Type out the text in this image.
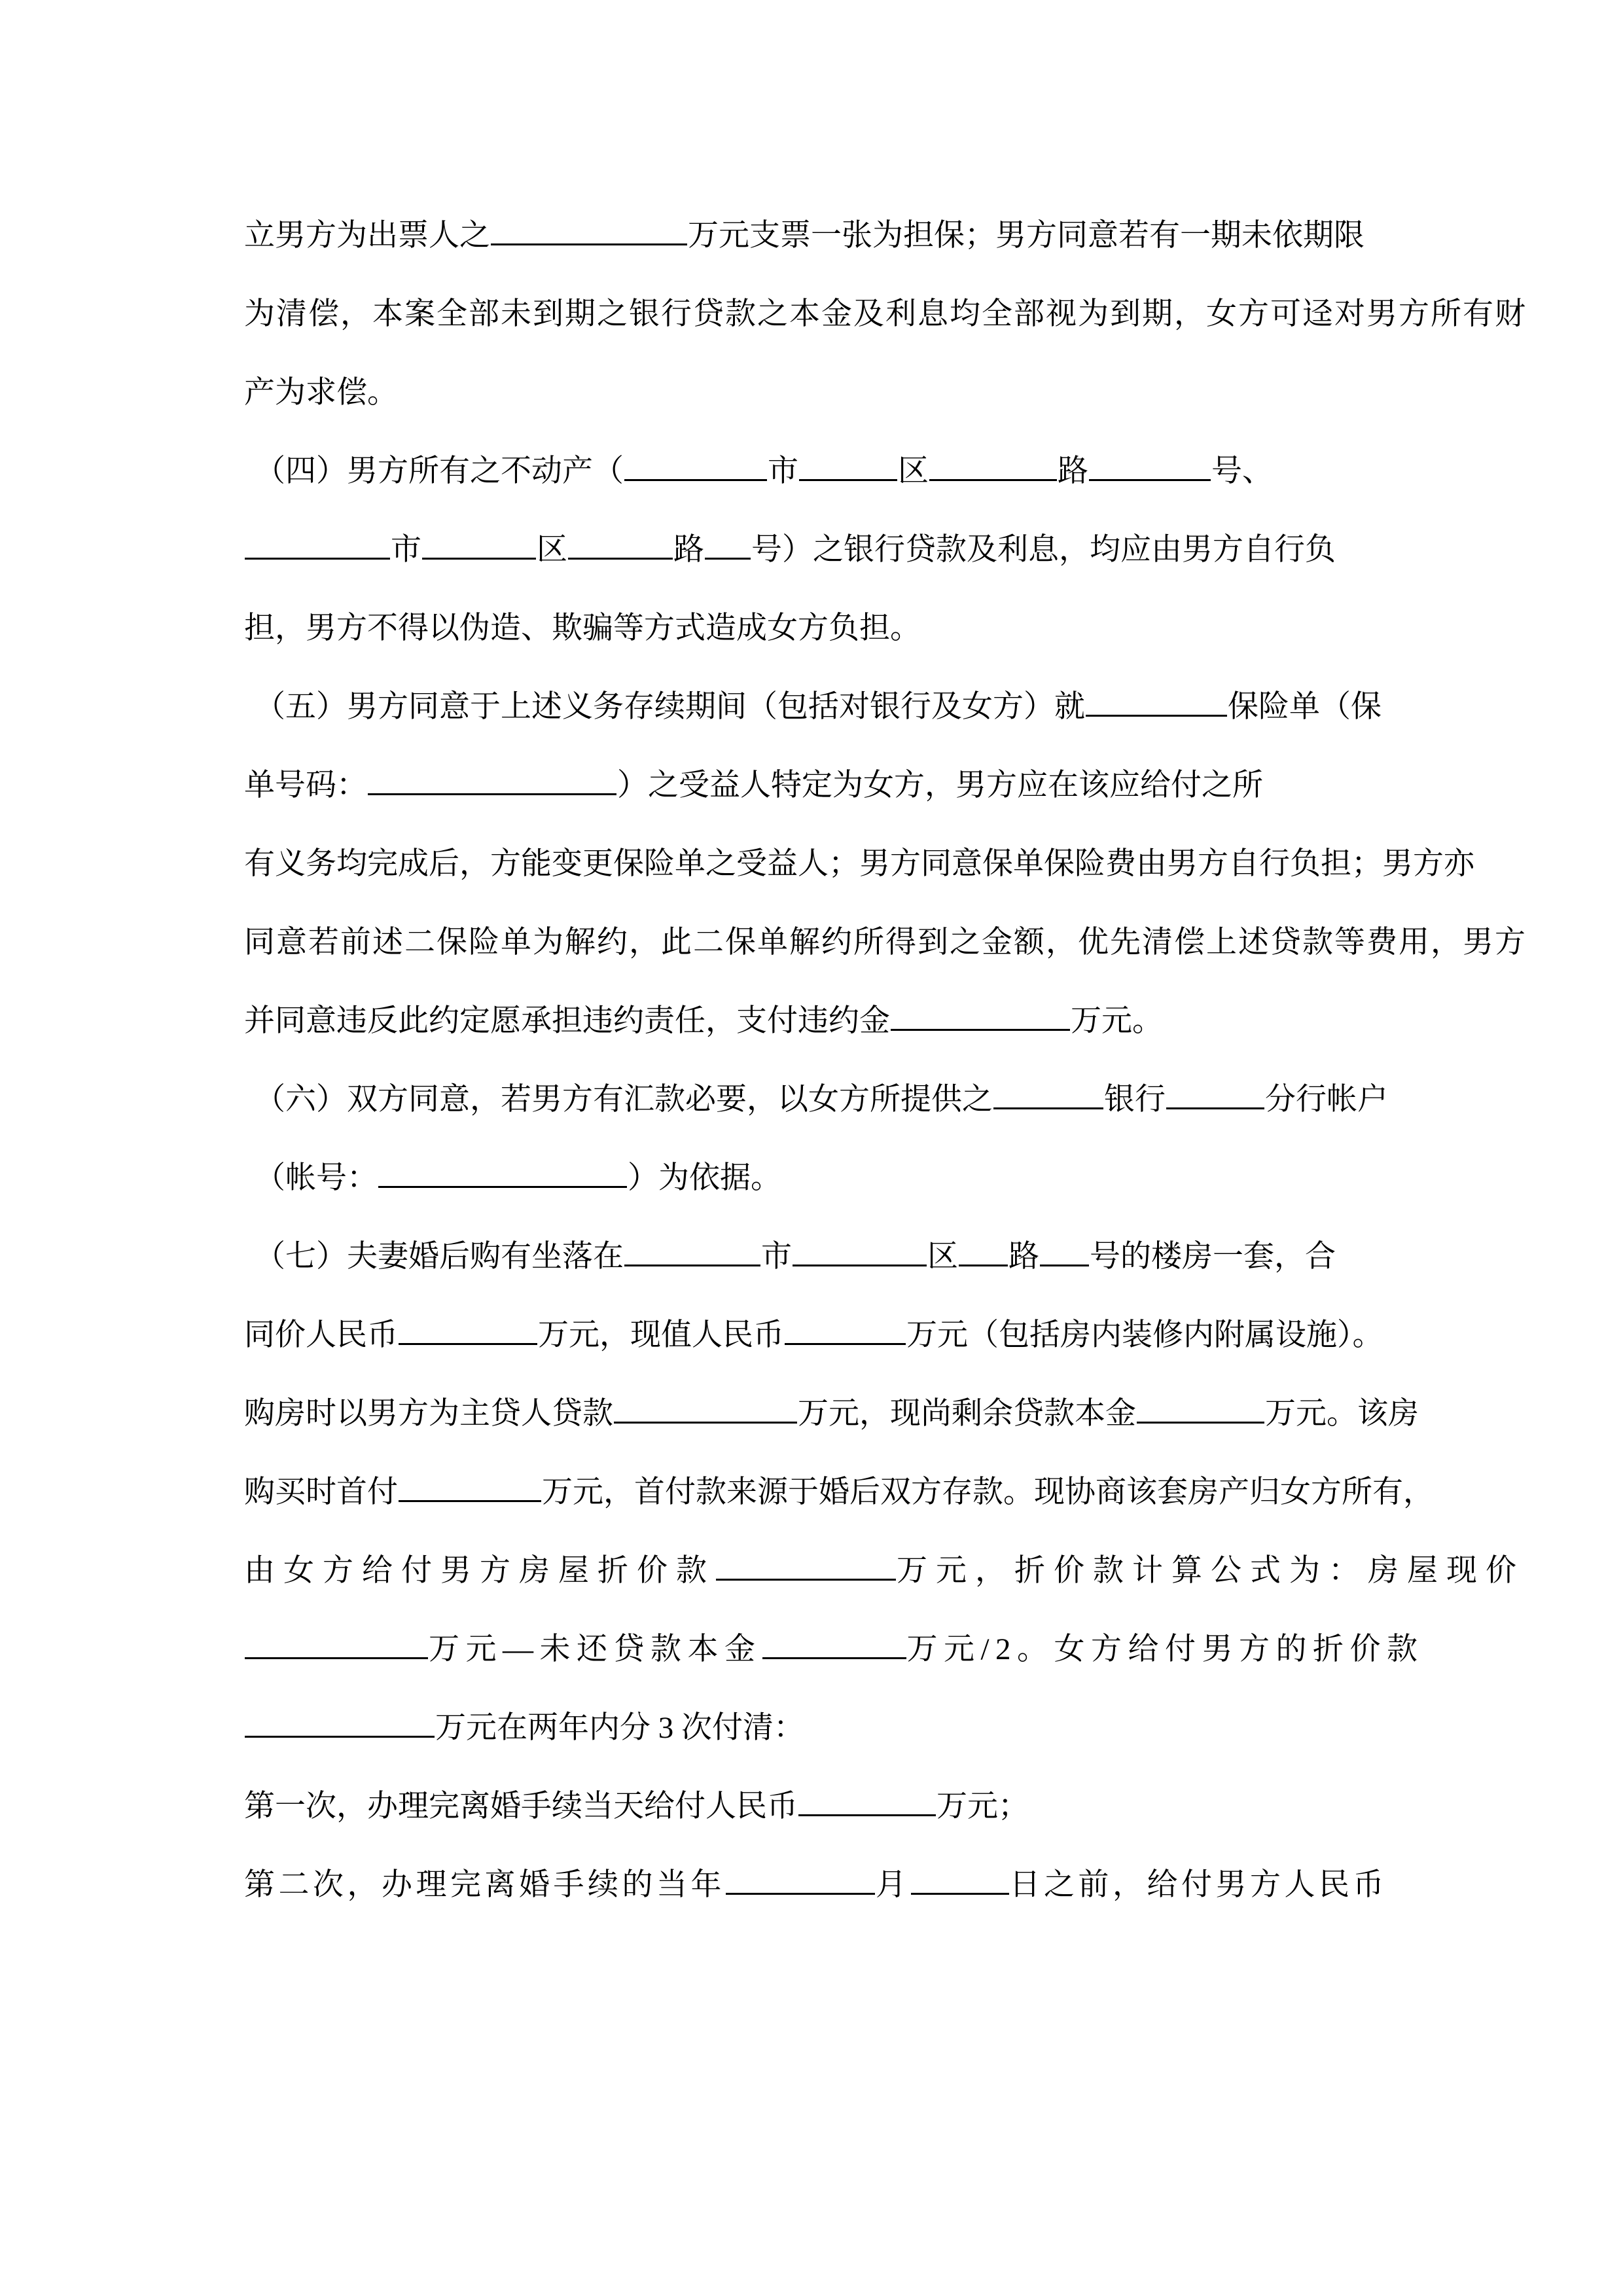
立男方为出票人之	万元支票一张为担保；男方同意若有一期未依期限
为清偿，本案全部未到期之银行贷款之本金及利息均全部视为到期，女方可迳对男方所有财
产为求偿。
（四）男方所有之不动产（	市	区	路	号、
市	区	路 号）之银行贷款及利息，均应由男方自行负
担，男方不得以伪造、欺骗等方式造成女方负担。
（五）男方同意于上述义务存续期间（包括对银行及女方）就	保险单（保
单号码：	）之受益人特定为女方，男方应在该应给付之所
有义务均完成后，方能变更保险单之受益人；男方同意保单保险费由男方自行负担；男方亦
同意若前述二保险单为解约，此二保单解约所得到之金额，优先清偿上述贷款等费用，男方
并同意违反此约定愿承担违约责任，支付违约金	万元。
（六）双方同意，若男方有汇款必要，以女方所提供之	银行	分行帐户
（帐号：	）为依据。
（七）夫妻婚后购有坐落在	市	区 路 号的楼房一套，合
同价人民币	万元，现值人民币	万元（包括房内装修内附属设施）。
购房时以男方为主贷人贷款	万元，现尚剩余贷款本金	万元。该房
购买时首付	万元，首付款来源于婚后双方存款。现协商该套房产归女方所有，
由女方给付男方房屋折价款	万元，折价款计算公式为：房屋现价
万元—未还贷款本金	万元/2。女方给付男方的折价款
万元在两年内分 3 次付清：
第一次，办理完离婚手续当天给付人民币	万元；
第二次，办理完离婚手续的当年	月	日之前，给付男方人民币
